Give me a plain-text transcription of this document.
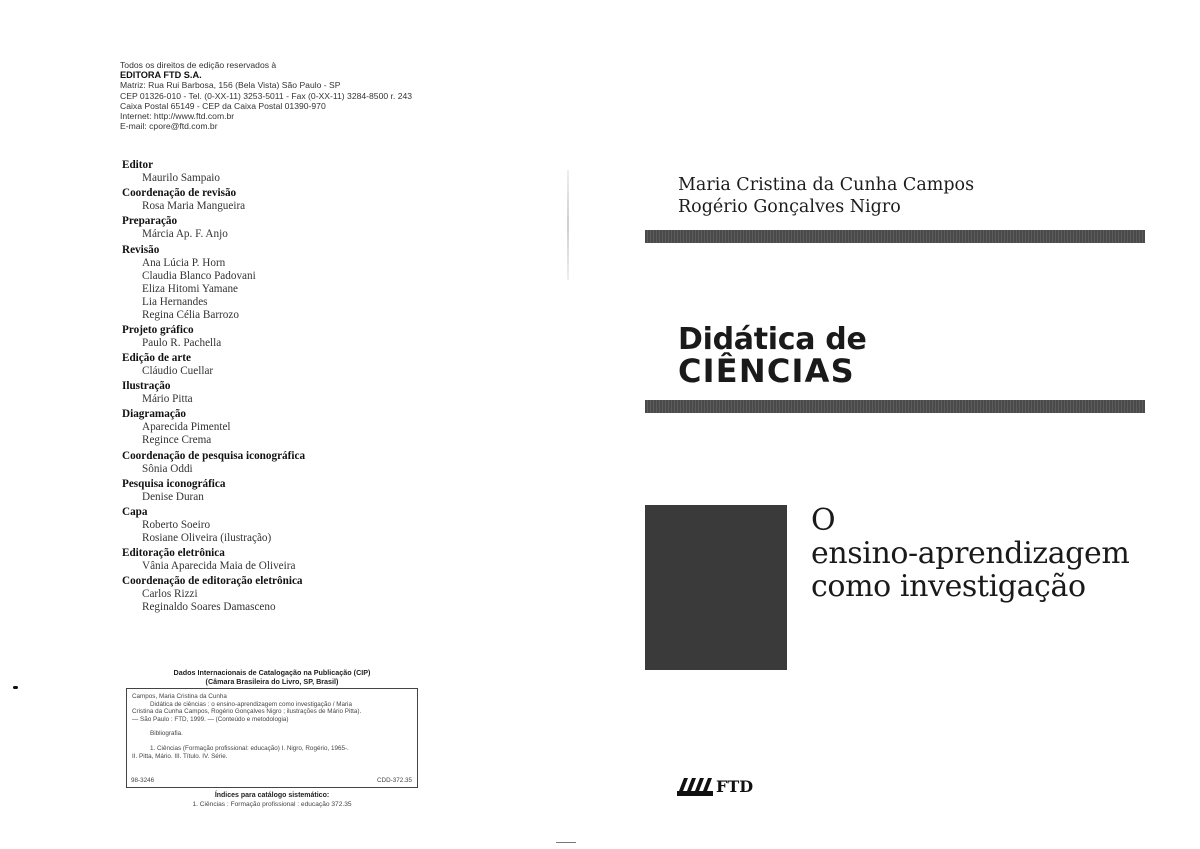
Todos os direitos de edição reservados à
EDITORA FTD S.A.
Matriz: Rua Rui Barbosa, 156 (Bela Vista) São Paulo - SP
CEP 01326-010 - Tel. (0-XX-11) 3253-5011 - Fax (0-XX-11) 3284-8500 r. 243
Caixa Postal 65149 - CEP da Caixa Postal 01390-970
Internet: http://www.ftd.com.br
E-mail: cpore@ftd.com.br
Editor
Maurilo Sampaio
Coordenação de revisão
Rosa Maria Mangueira
Preparação
Márcia Ap. F. Anjo
Revisão
Ana Lúcia P. Horn
Claudia Blanco Padovani
Eliza Hitomi Yamane
Lia Hernandes
Regina Célia Barrozo
Projeto gráfico
Paulo R. Pachella
Edição de arte
Cláudio Cuellar
Ilustração
Mário Pitta
Diagramação
Aparecida Pimentel
Regince Crema
Coordenação de pesquisa iconográfica
Sônia Oddi
Pesquisa iconográfica
Denise Duran
Capa
Roberto Soeiro
Rosiane Oliveira (ilustração)
Editoração eletrônica
Vânia Aparecida Maia de Oliveira
Coordenação de editoração eletrônica
Carlos Rizzi
Reginaldo Soares Damasceno
Dados Internacionais de Catalogação na Publicação (CIP)
(Câmara Brasileira do Livro, SP, Brasil)
Campos, Maria Cristina da Cunha
Didática de ciências : o ensino-aprendizagem como investigação / Maria
Cristina da Cunha Campos, Rogério Gonçalves Nigro ; ilustrações de Mário Pitta).
— São Paulo : FTD, 1999. — (Conteúdo e metodologia)
Bibliografia.
1. Ciências (Formação profissional: educação) I. Nigro, Rogério, 1965-.
II. Pitta, Mário. III. Título. IV. Série.
98-3246	CDD-372.35
Índices para catálogo sistemático:
1. Ciências : Formação profissional : educação 372.35
Maria Cristina da Cunha Campos
Rogério Gonçalves Nigro
Didática de
CIÊNCIAS
O
ensino-aprendizagem
como investigação
FTD
